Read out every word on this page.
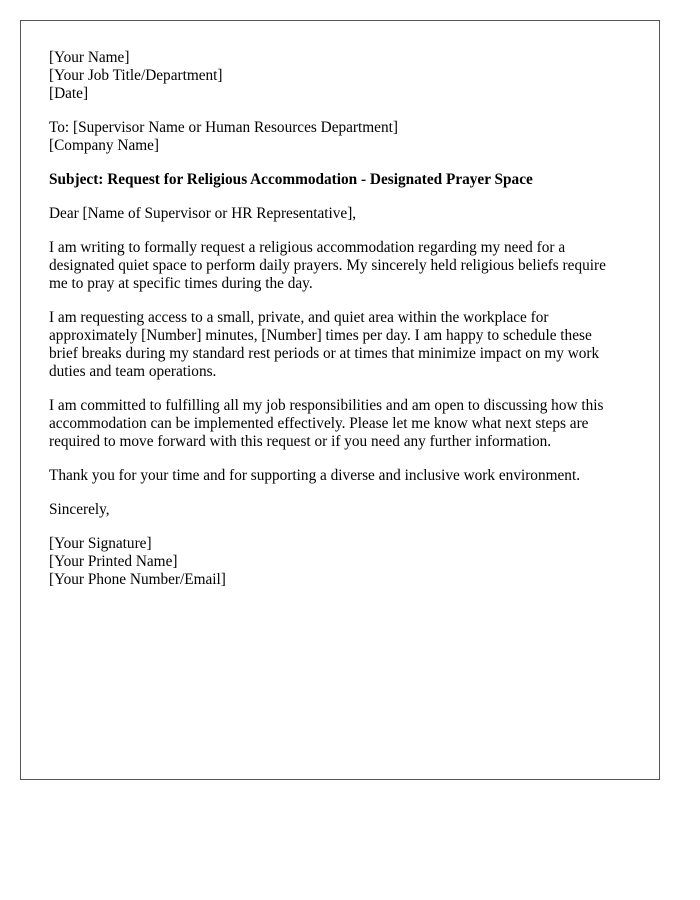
[Your Name]
[Your Job Title/Department]
[Date]
To: [Supervisor Name or Human Resources Department]
[Company Name]

Subject: Request for Religious Accommodation - Designated Prayer Space

Dear [Name of Supervisor or HR Representative],

I am writing to formally request a religious accommodation regarding my need for a
designated quiet space to perform daily prayers. My sincerely held religious beliefs require
me to pray at specific times during the day.

I am requesting access to a small, private, and quiet area within the workplace for
approximately [Number] minutes, [Number] times per day. I am happy to schedule these
brief breaks during my standard rest periods or at times that minimize impact on my work
duties and team operations.

I am committed to fulfilling all my job responsibilities and am open to discussing how this
accommodation can be implemented effectively. Please let me know what next steps are
required to move forward with this request or if you need any further information.

Thank you for your time and for supporting a diverse and inclusive work environment.

Sincerely,

[Your Signature]
[Your Printed Name]
[Your Phone Number/Email]
